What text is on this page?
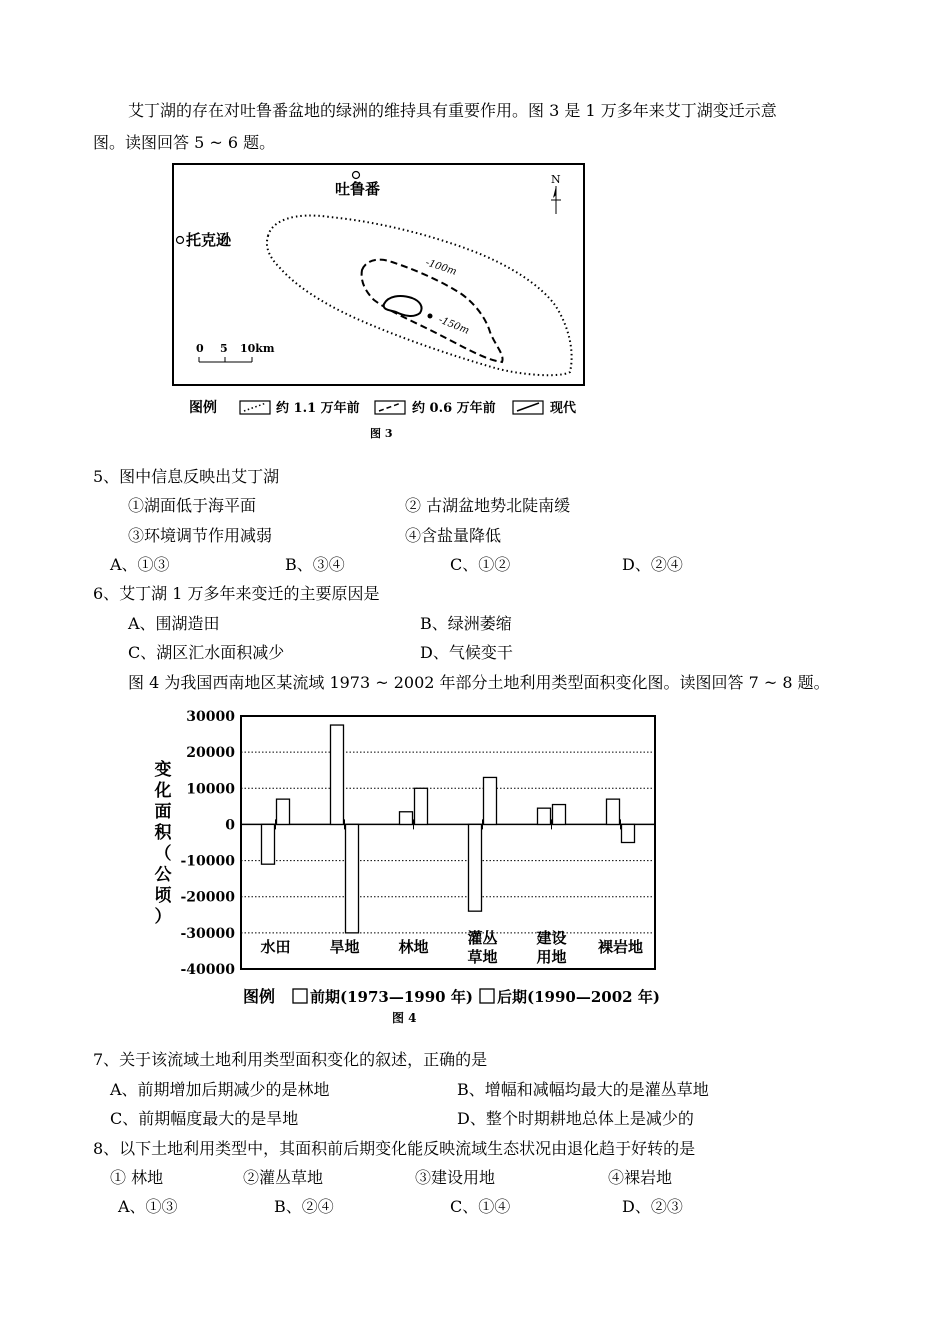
艾丁湖的存在对吐鲁番盆地的绿洲的维持具有重要作用。图 3 是 1 万多年来艾丁湖变迁示意
图。读图回答 5 ~ 6 题。
吐鲁番
托克逊
N
-100m
-150m
0 5 10km
图例	约 1.1 万年前	约 0.6 万年前	现代
图 3
5、图中信息反映出艾丁湖
①湖面低于海平面	② 古湖盆地势北陡南缓
③环境调节作用减弱	④含盐量降低
A、①③	B、③④	C、①②	D、②④
6、艾丁湖 1 万多年来变迁的主要原因是
A、围湖造田	B、绿洲萎缩
C、湖区汇水面积减少	D、气候变干
图 4 为我国西南地区某流域 1973 ~ 2002 年部分土地利用类型面积变化图。读图回答 7 ~ 8 题。
30000
20000
10000
0
-10000
-20000
-30000
-40000
变
化
面
积
（
公
顷
）
水田	旱地	林地	灌丛
草地
建设
用地
裸岩地
图例 前期(1973—1990 年) 后期(1990—2002 年)
图 4
7、关于该流域土地利用类型面积变化的叙述，正确的是
A、前期增加后期减少的是林地	B、增幅和减幅均最大的是灌丛草地
C、前期幅度最大的是旱地	D、整个时期耕地总体上是减少的
8、以下土地利用类型中，其面积前后期变化能反映流域生态状况由退化趋于好转的是
① 林地	②灌丛草地	③建设用地	④裸岩地
A、①③	B、②④	C、①④	D、②③
